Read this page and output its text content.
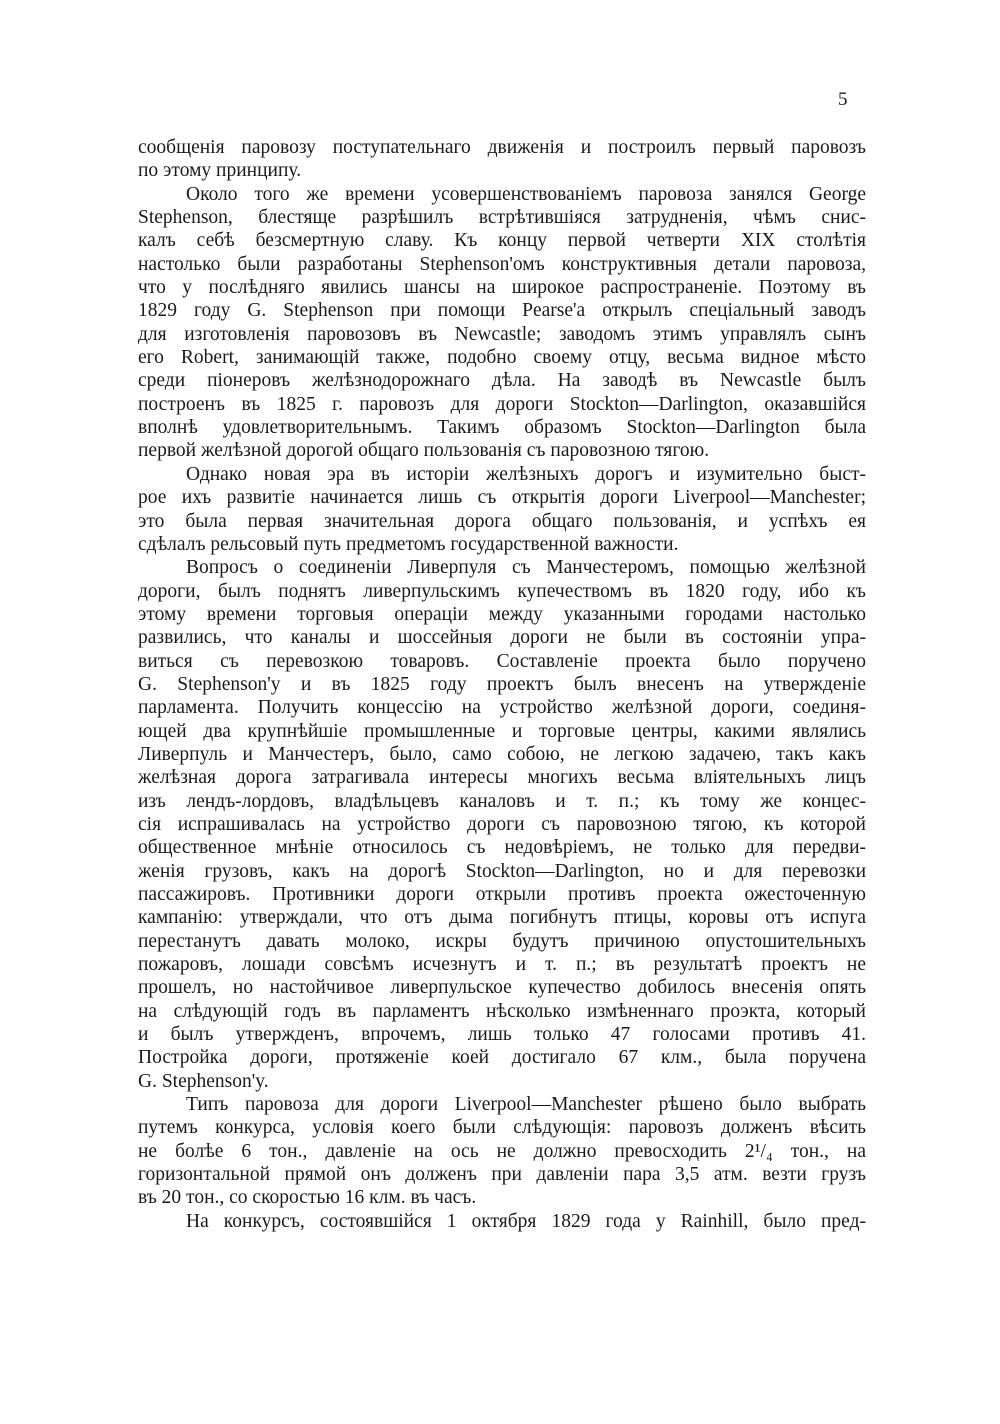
5
сообщенія паровозу поступательнаго движенія и построилъ первый паровозъ
по этому принципу.
Около того же времени усовершенствованіемъ паровоза занялся George
Stephenson, блестяще разрѣшилъ встрѣтившіяся затрудненія, чѣмъ снис-
калъ себѣ безсмертную славу. Къ концу первой четверти XIX столѣтія
настолько были разработаны Stephenson'омъ конструктивныя детали паровоза,
что у послѣдняго явились шансы на широкое распространеніе. Поэтому въ
1829 году G. Stephenson при помощи Pearse'a открылъ спеціальный заводъ
для изготовленія паровозовъ въ Newcastle; заводомъ этимъ управлялъ сынъ
его Robert, занимающій также, подобно своему отцу, весьма видное мѣсто
среди піонеровъ желѣзнодорожнаго дѣла. На заводѣ въ Newcastle былъ
построенъ въ 1825 г. паровозъ для дороги Stockton—Darlington, оказавшійся
вполнѣ удовлетворительнымъ. Такимъ образомъ Stockton—Darlington была
первой желѣзной дорогой общаго пользованія съ паровозною тягою.
Однако новая эра въ исторіи желѣзныхъ дорогъ и изумительно быст-
рое ихъ развитіе начинается лишь съ открытія дороги Liverpool—Manchester;
это была первая значительная дорога общаго пользованія, и успѣхъ ея
сдѣлалъ рельсовый путь предметомъ государственной важности.
Вопросъ о соединеніи Ливерпуля съ Манчестеромъ, помощью желѣзной
дороги, былъ поднятъ ливерпульскимъ купечествомъ въ 1820 году, ибо къ
этому времени торговыя операціи между указанными городами настолько
развились, что каналы и шоссейныя дороги не были въ состояніи упра-
виться съ перевозкою товаровъ. Составленіе проекта было поручено
G. Stephenson'y и въ 1825 году проектъ былъ внесенъ на утвержденіе
парламента. Получить концессію на устройство желѣзной дороги, соединя-
ющей два крупнѣйшіе промышленные и торговые центры, какими являлись
Ливерпуль и Манчестеръ, было, само собою, не легкою задачею, такъ какъ
желѣзная дорога затрагивала интересы многихъ весьма вліятельныхъ лицъ
изъ лендъ-лордовъ, владѣльцевъ каналовъ и т. п.; къ тому же концес-
сія испрашивалась на устройство дороги съ паровозною тягою, къ которой
общественное мнѣніе относилось съ недовѣріемъ, не только для передви-
женія грузовъ, какъ на дорогѣ Stockton—Darlington, но и для перевозки
пассажировъ. Противники дороги открыли противъ проекта ожесточенную
кампанію: утверждали, что отъ дыма погибнутъ птицы, коровы отъ испуга
перестанутъ давать молоко, искры будутъ причиною опустошительныхъ
пожаровъ, лошади совсѣмъ исчезнутъ и т. п.; въ результатѣ проектъ не
прошелъ, но настойчивое ливерпульское купечество добилось внесенія опять
на слѣдующій годъ въ парламентъ нѣсколько измѣненнаго проэкта, который
и былъ утвержденъ, впрочемъ, лишь только 47 голосами противъ 41.
Постройка дороги, протяженіе коей достигало 67 клм., была поручена
G. Stephenson'y.
Типъ паровоза для дороги Liverpool—Manchester рѣшено было выбрать
путемъ конкурса, условія коего были слѣдующія: паровозъ долженъ вѣсить
не болѣе 6 тон., давленіе на ось не должно превосходить 2¹/₄ тон., на
горизонтальной прямой онъ долженъ при давленіи пара 3,5 атм. везти грузъ
въ 20 тон., со скоростью 16 клм. въ часъ.
На конкурсъ, состоявшійся 1 октября 1829 года у Rainhill, было пред-
